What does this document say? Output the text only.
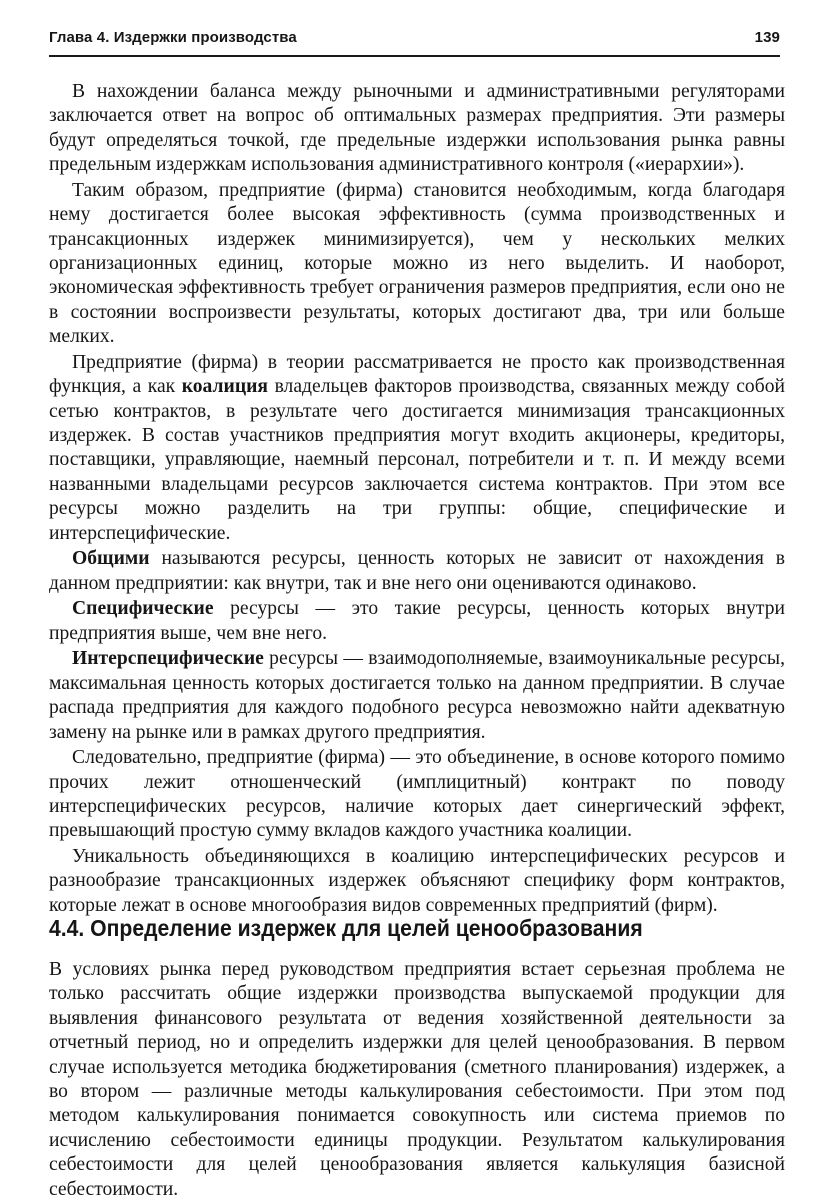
Глава 4. Издержки производства	139

В нахождении баланса между рыночными и административными регуляторами заключается ответ на вопрос об оптимальных размерах предприятия. Эти размеры будут определяться точкой, где предельные издержки использования рынка равны предельным издержкам использования административного контроля («иерархии»).

Таким образом, предприятие (фирма) становится необходимым, когда благодаря нему достигается более высокая эффективность (сумма производственных и трансакционных издержек минимизируется), чем у нескольких мелких организационных единиц, которые можно из него выделить. И наоборот, экономическая эффективность требует ограничения размеров предприятия, если оно не в состоянии воспроизвести результаты, которых достигают два, три или больше мелких.

Предприятие (фирма) в теории рассматривается не просто как производственная функция, а как коалиция владельцев факторов производства, связанных между собой сетью контрактов, в результате чего достигается минимизация трансакционных издержек. В состав участников предприятия могут входить акционеры, кредиторы, поставщики, управляющие, наемный персонал, потребители и т. п. И между всеми названными владельцами ресурсов заключается система контрактов. При этом все ресурсы можно разделить на три группы: общие, специфические и интерспецифические.

Общими называются ресурсы, ценность которых не зависит от нахождения в данном предприятии: как внутри, так и вне него они оцениваются одинаково.

Специфические ресурсы — это такие ресурсы, ценность которых внутри предприятия выше, чем вне него.

Интерспецифические ресурсы — взаимодополняемые, взаимоуникальные ресурсы, максимальная ценность которых достигается только на данном предприятии. В случае распада предприятия для каждого подобного ресурса невозможно найти адекватную замену на рынке или в рамках другого предприятия.

Следовательно, предприятие (фирма) — это объединение, в основе которого помимо прочих лежит отношенческий (имплицитный) контракт по поводу интерспецифических ресурсов, наличие которых дает синергический эффект, превышающий простую сумму вкладов каждого участника коалиции.

Уникальность объединяющихся в коалицию интерспецифических ресурсов и разнообразие трансакционных издержек объясняют специфику форм контрактов, которые лежат в основе многообразия видов современных предприятий (фирм).

4.4. Определение издержек для целей ценообразования

В условиях рынка перед руководством предприятия встает серьезная проблема не только рассчитать общие издержки производства выпускаемой продукции для выявления финансового результата от ведения хозяйственной деятельности за отчетный период, но и определить издержки для целей ценообразования. В первом случае используется методика бюджетирования (сметного планирования) издержек, а во втором — различные методы калькулирования себестоимости. При этом под методом калькулирования понимается совокупность или система приемов по исчислению себестоимости единицы продукции. Результатом калькулирования себестоимости для целей ценообразования является калькуляция базисной себестоимости.
